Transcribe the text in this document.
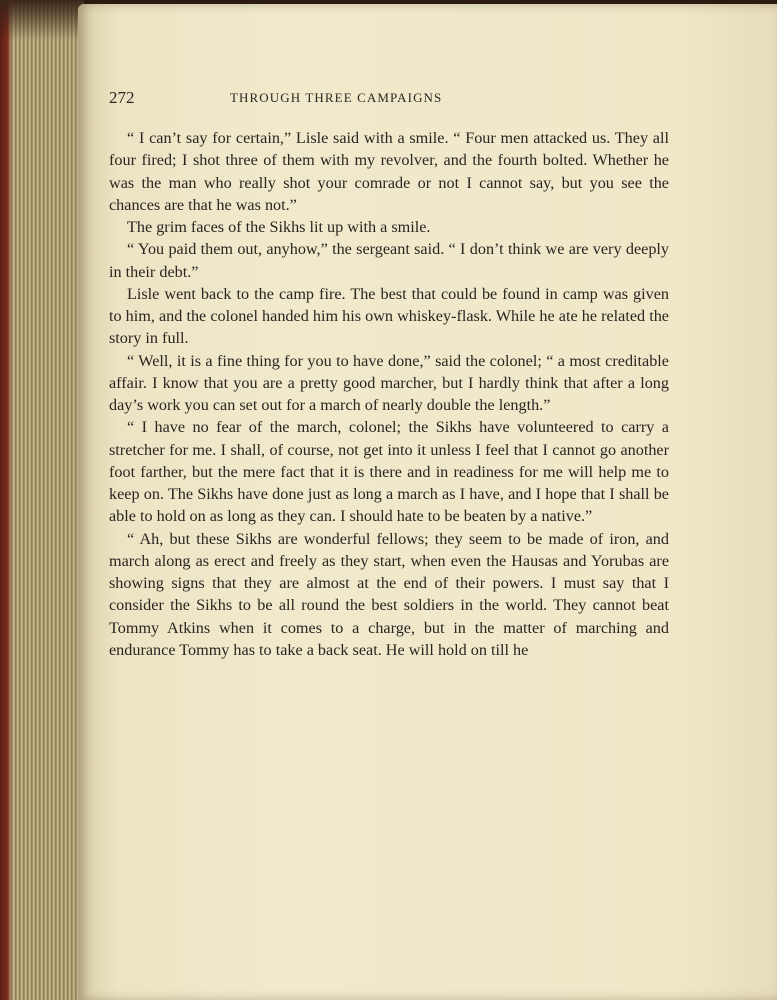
272	THROUGH THREE CAMPAIGNS

“ I can’t say for certain,” Lisle said with a smile. “ Four men attacked us. They all four fired; I shot three of them with my revolver, and the fourth bolted. Whether he was the man who really shot your comrade or not I cannot say, but you see the chances are that he was not.”

The grim faces of the Sikhs lit up with a smile.

“ You paid them out, anyhow,” the sergeant said. “ I don’t think we are very deeply in their debt.”

Lisle went back to the camp fire. The best that could be found in camp was given to him, and the colonel handed him his own whiskey-flask. While he ate he related the story in full.

“ Well, it is a fine thing for you to have done,” said the colonel; “ a most creditable affair. I know that you are a pretty good marcher, but I hardly think that after a long day’s work you can set out for a march of nearly double the length.”

“ I have no fear of the march, colonel; the Sikhs have volunteered to carry a stretcher for me. I shall, of course, not get into it unless I feel that I cannot go another foot farther, but the mere fact that it is there and in readiness for me will help me to keep on. The Sikhs have done just as long a march as I have, and I hope that I shall be able to hold on as long as they can. I should hate to be beaten by a native.”

“ Ah, but these Sikhs are wonderful fellows; they seem to be made of iron, and march along as erect and freely as they start, when even the Hausas and Yorubas are showing signs that they are almost at the end of their powers. I must say that I consider the Sikhs to be all round the best soldiers in the world. They cannot beat Tommy Atkins when it comes to a charge, but in the matter of marching and endurance Tommy has to take a back seat. He will hold on till he
